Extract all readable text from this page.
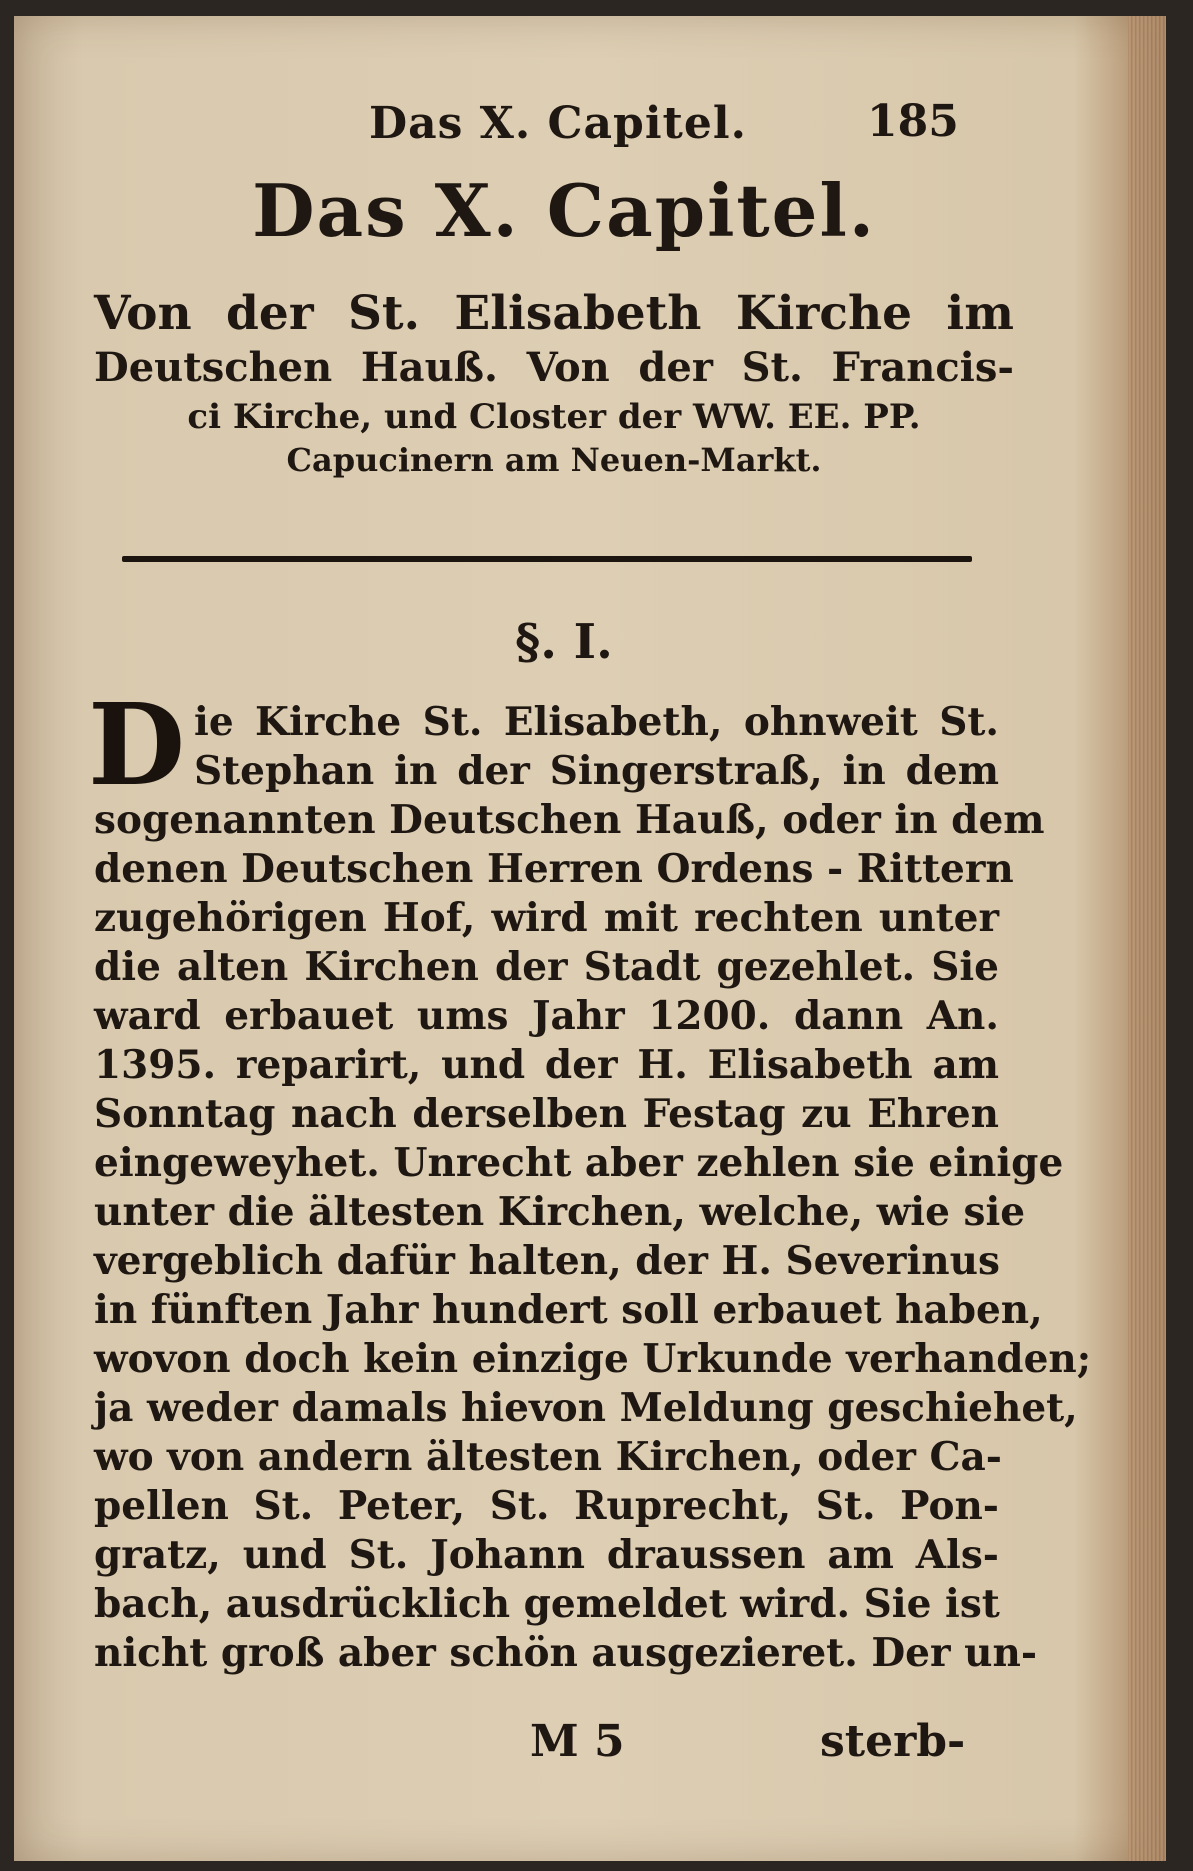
Das X. Capitel.	185
Das X. Capitel.
Von der St. Elisabeth Kirche im
Deutschen Hauß. Von der St. Francis-
ci Kirche, und Closter der WW. EE. PP.
Capucinern am Neuen-Markt.
§. I.
D ie Kirche St. Elisabeth, ohnweit St.
Stephan in der Singerstraß, in dem
sogenannten Deutschen Hauß, oder in dem
denen Deutschen Herren Ordens - Rittern
zugehörigen Hof, wird mit rechten unter
die alten Kirchen der Stadt gezehlet. Sie
ward erbauet ums Jahr 1200. dann An.
1395. reparirt, und der H. Elisabeth am
Sonntag nach derselben Festag zu Ehren
eingeweyhet. Unrecht aber zehlen sie einige
unter die ältesten Kirchen, welche, wie sie
vergeblich dafür halten, der H. Severinus
in fünften Jahr hundert soll erbauet haben,
wovon doch kein einzige Urkunde verhanden;
ja weder damals hievon Meldung geschiehet,
wo von andern ältesten Kirchen, oder Ca-
pellen St. Peter, St. Ruprecht, St. Pon-
gratz, und St. Johann draussen am Als-
bach, ausdrücklich gemeldet wird. Sie ist
nicht groß aber schön ausgezieret. Der un-
M 5	sterb-
